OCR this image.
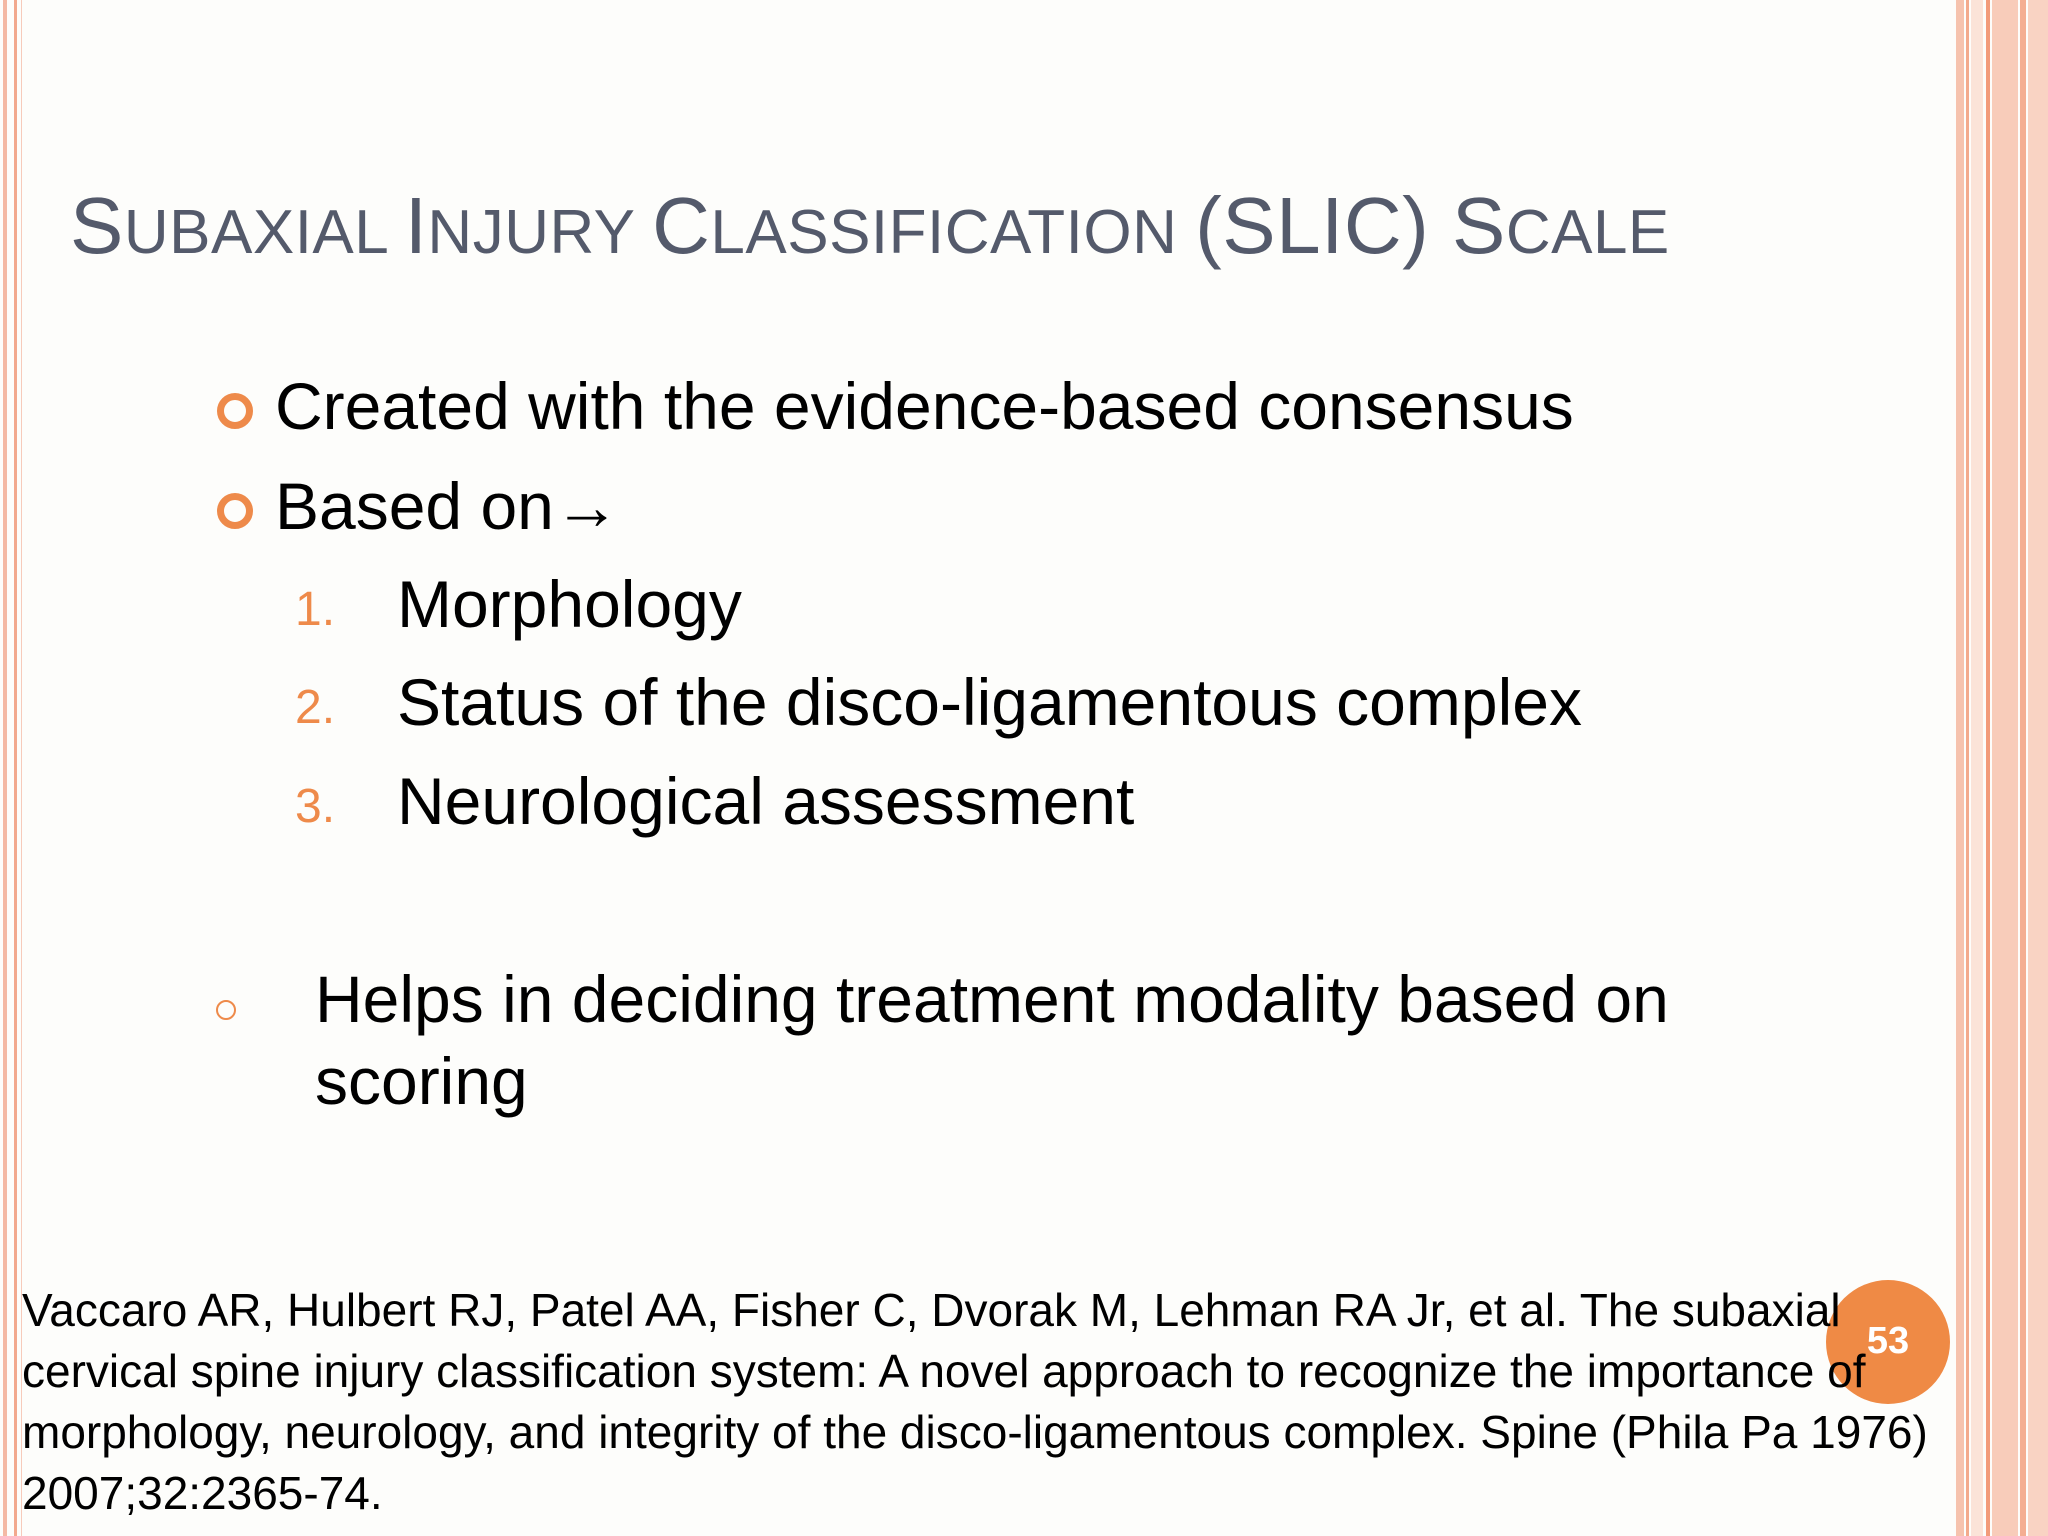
SUBAXIAL INJURY CLASSIFICATION (SLIC) SCALE
Created with the evidence-based consensus
Based on→
1. Morphology
2. Status of the disco-ligamentous complex
3. Neurological assessment
Helps in deciding treatment modality based on scoring
53
Vaccaro AR, Hulbert RJ, Patel AA, Fisher C, Dvorak M, Lehman RA Jr, et al. The subaxial cervical spine injury classification system: A novel approach to recognize the importance of morphology, neurology, and integrity of the disco-ligamentous complex. Spine (Phila Pa 1976) 2007;32:2365-74.
